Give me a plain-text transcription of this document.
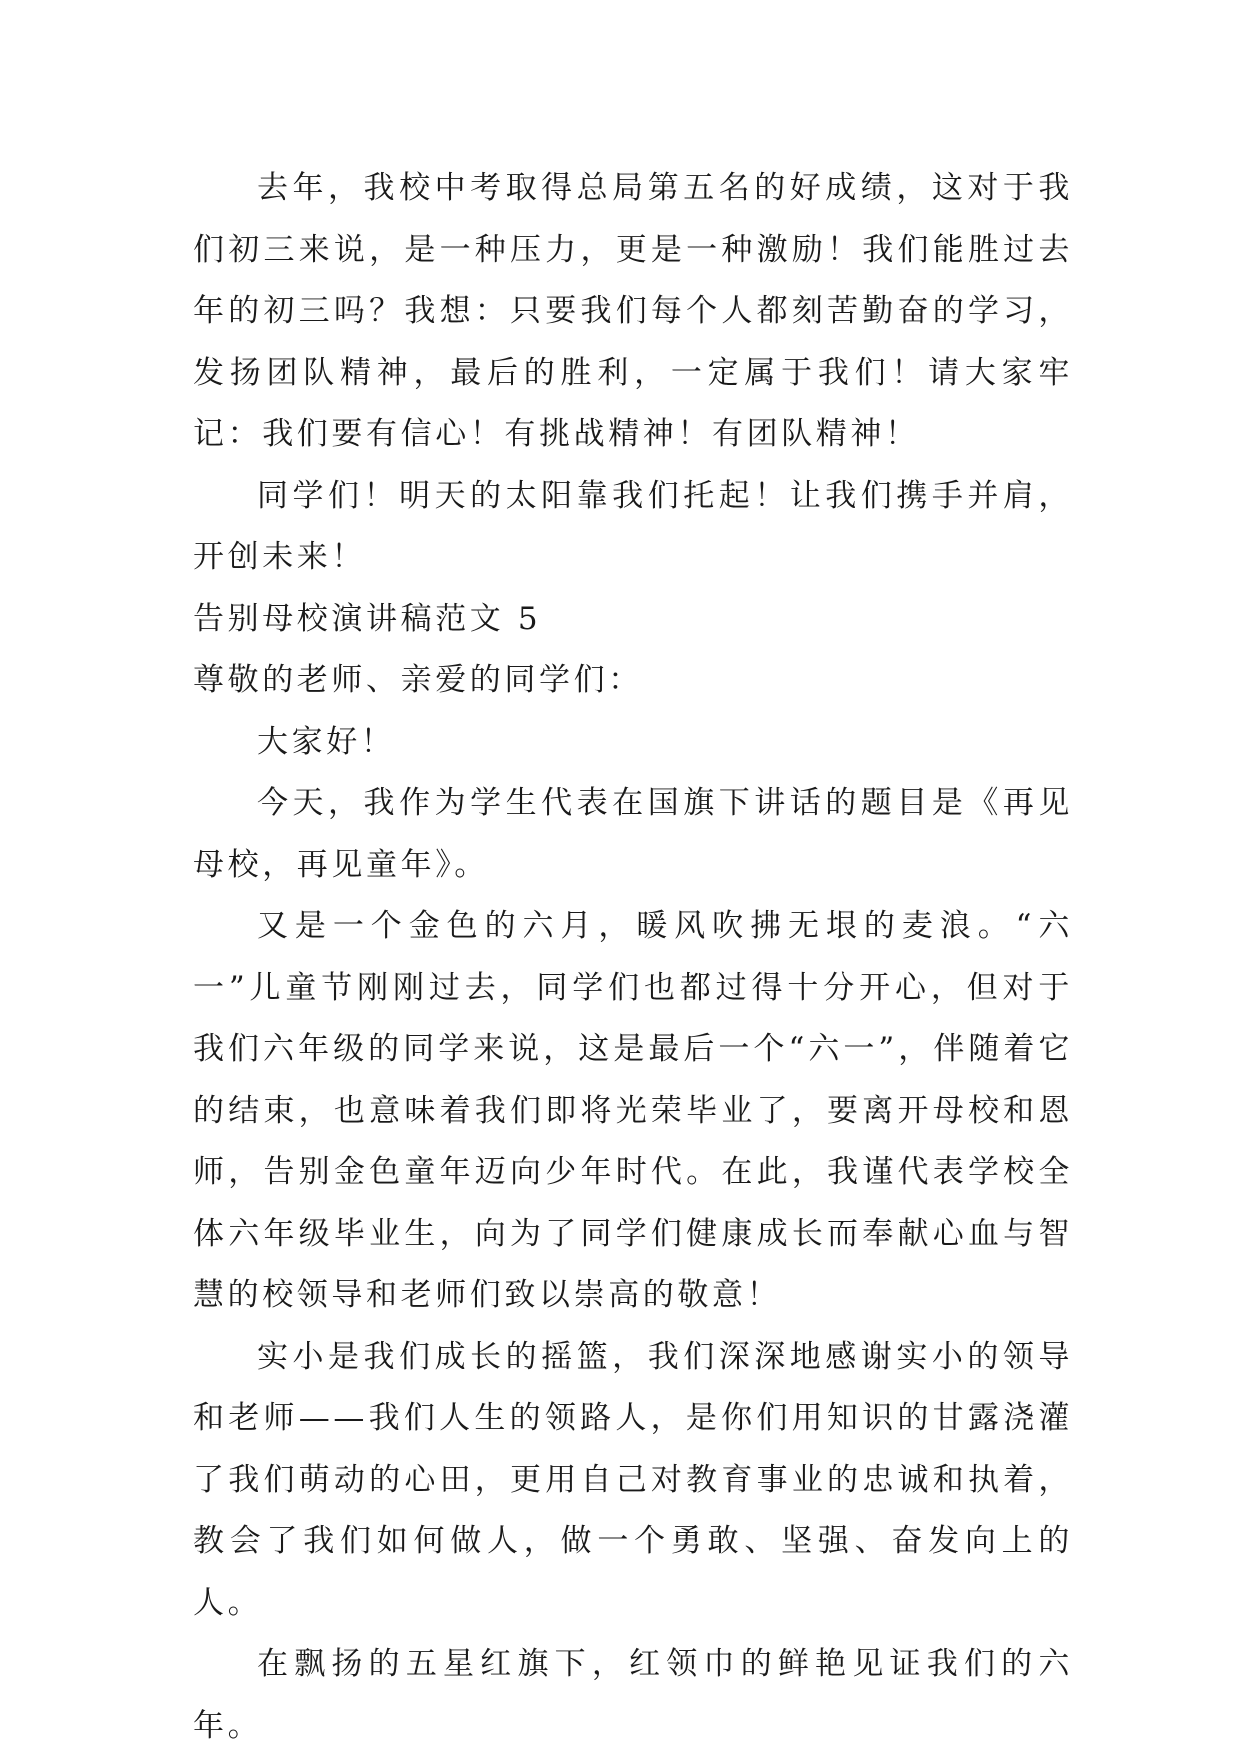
去年，我校中考取得总局第五名的好成绩，这对于我们初三来说，是一种压力，更是一种激励！我们能胜过去年的初三吗？我想：只要我们每个人都刻苦勤奋的学习，发扬团队精神，最后的胜利，一定属于我们！请大家牢记：我们要有信心！有挑战精神！有团队精神！

同学们！明天的太阳靠我们托起！让我们携手并肩，开创未来！

告别母校演讲稿范文 5

尊敬的老师、亲爱的同学们：

大家好！

今天，我作为学生代表在国旗下讲话的题目是《再见母校，再见童年》。

又是一个金色的六月，暖风吹拂无垠的麦浪。“六一”儿童节刚刚过去，同学们也都过得十分开心，但对于我们六年级的同学来说，这是最后一个“六一”，伴随着它的结束，也意味着我们即将光荣毕业了，要离开母校和恩师，告别金色童年迈向少年时代。在此，我谨代表学校全体六年级毕业生，向为了同学们健康成长而奉献心血与智慧的校领导和老师们致以崇高的敬意！

实小是我们成长的摇篮，我们深深地感谢实小的领导和老师——我们人生的领路人，是你们用知识的甘露浇灌了我们萌动的心田，更用自己对教育事业的忠诚和执着，教会了我们如何做人，做一个勇敢、坚强、奋发向上的人。

在飘扬的五星红旗下，红领巾的鲜艳见证我们的六年。
